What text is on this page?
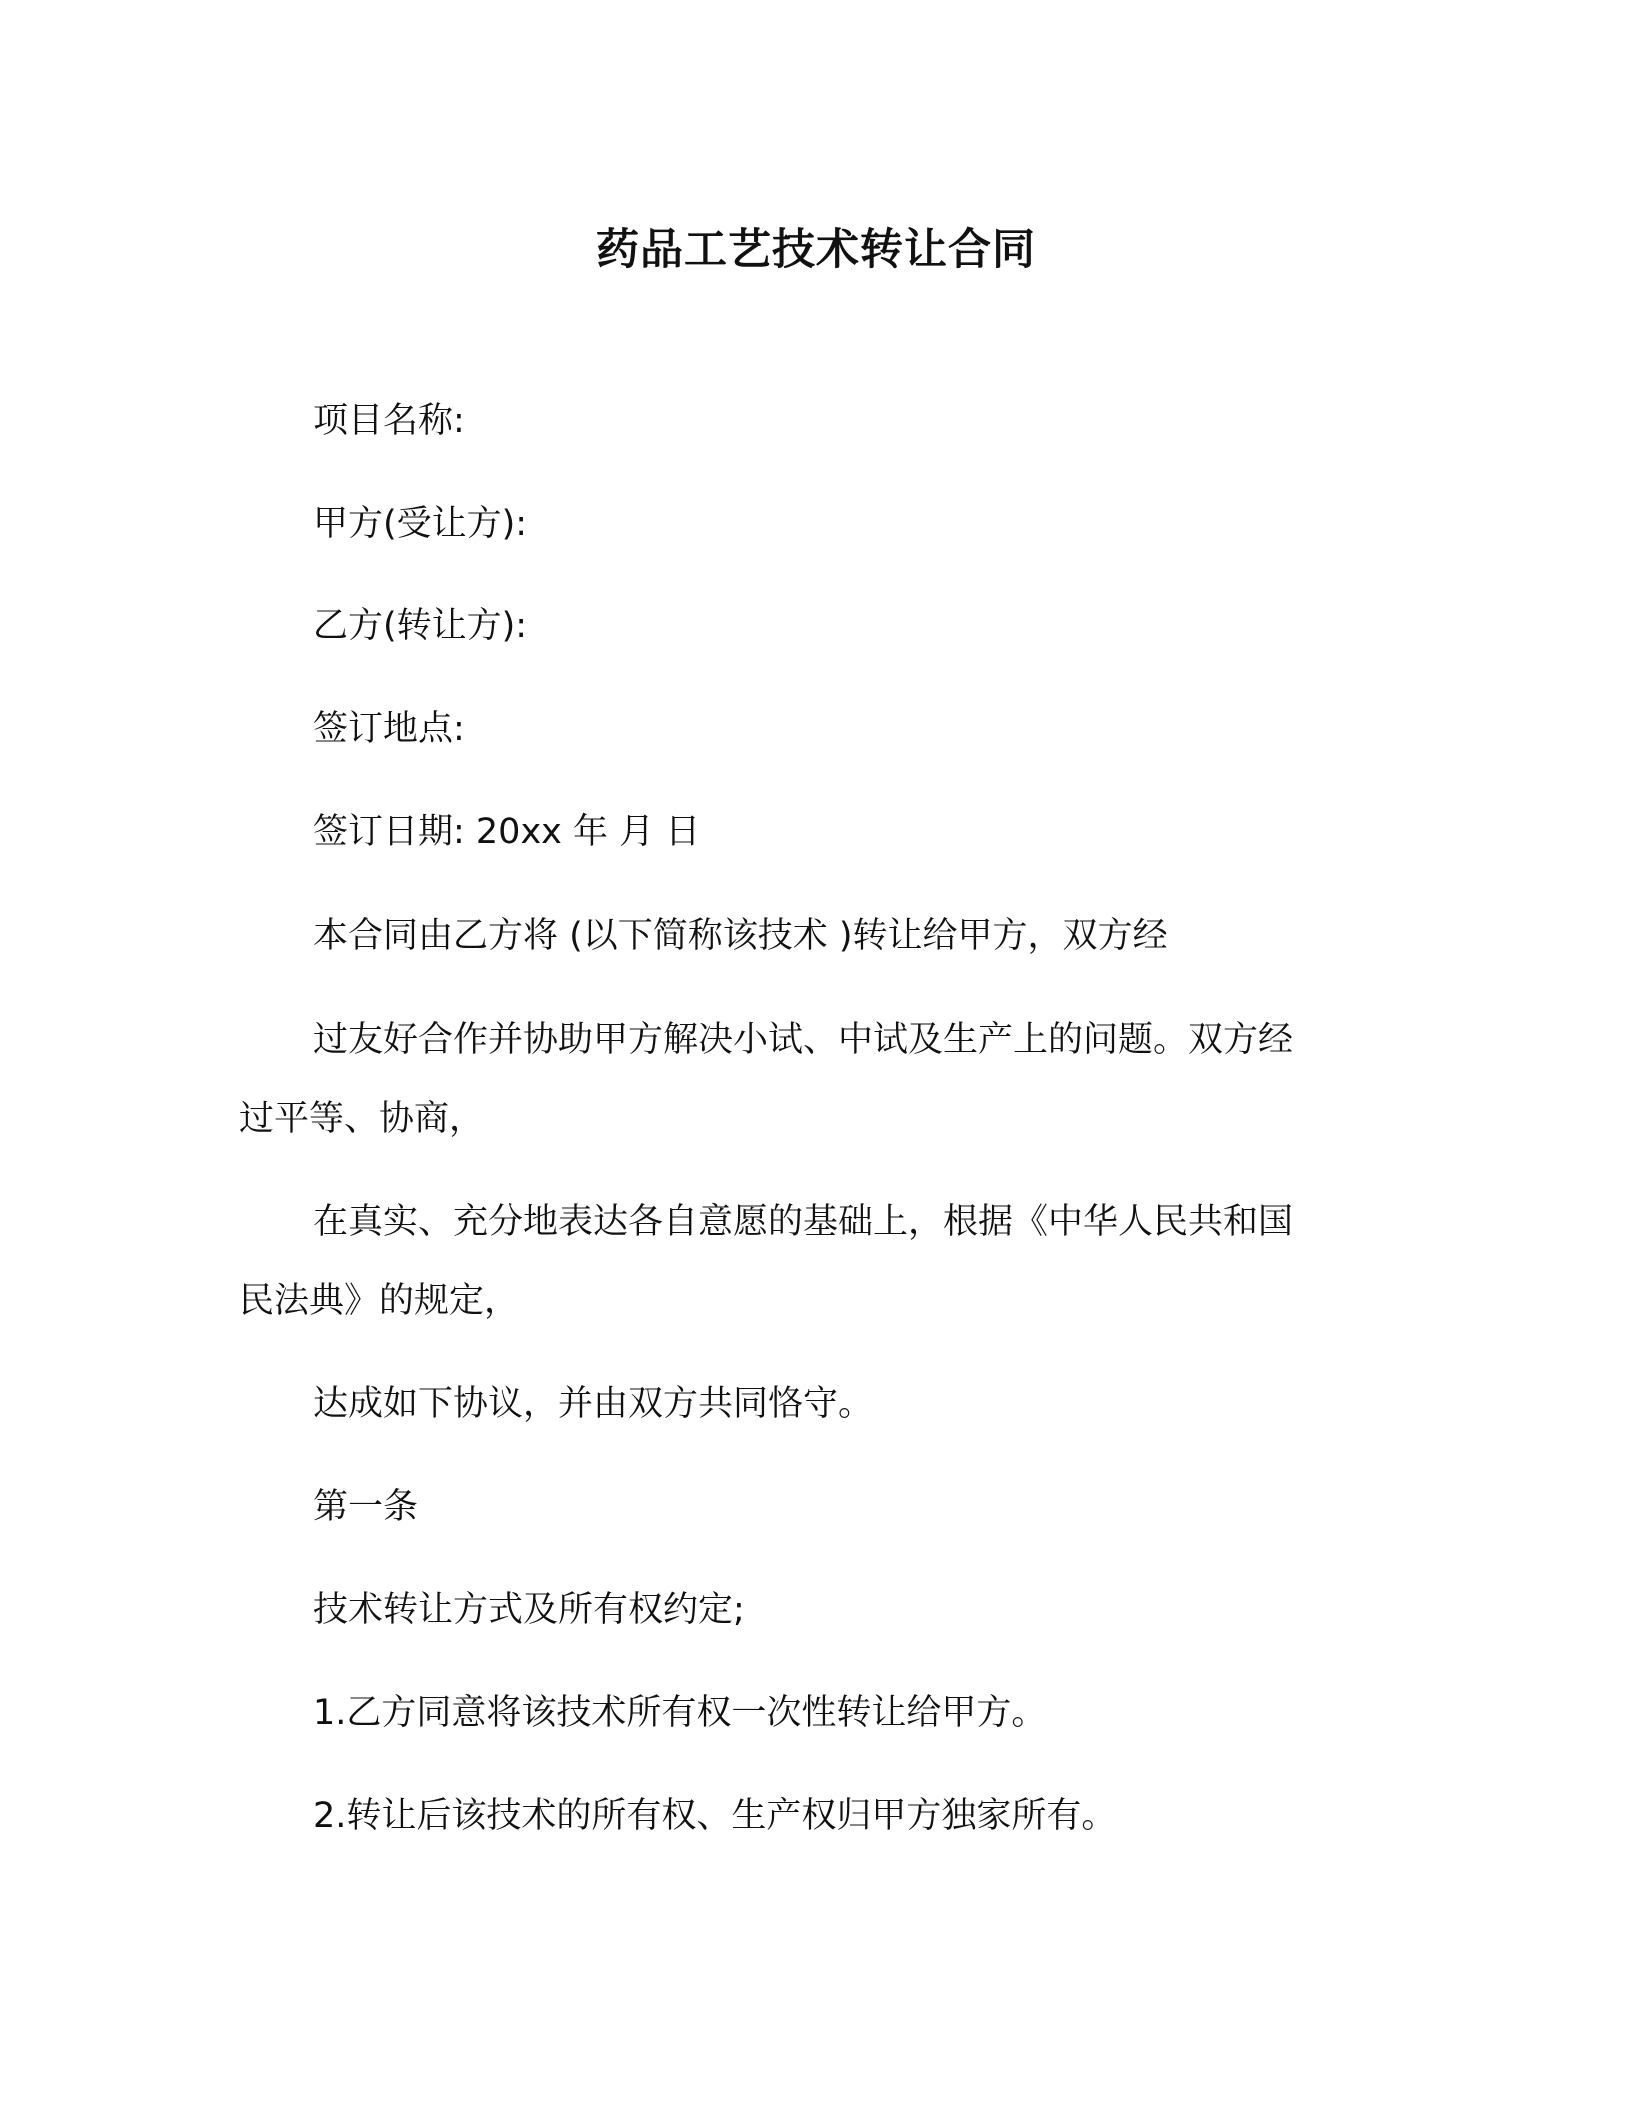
药品工艺技术转让合同

项目名称:

甲方(受让方):

乙方(转让方):

签订地点:

签订日期: 20xx 年 月 日

本合同由乙方将 (以下简称该技术 )转让给甲方，双方经

过友好合作并协助甲方解决小试、中试及生产上的问题。双方经

过平等、协商，

在真实、充分地表达各自意愿的基础上，根据《中华人民共和国

民法典》的规定，

达成如下协议，并由双方共同恪守。

第一条

技术转让方式及所有权约定;

1.乙方同意将该技术所有权一次性转让给甲方。

2.转让后该技术的所有权、生产权归甲方独家所有。
